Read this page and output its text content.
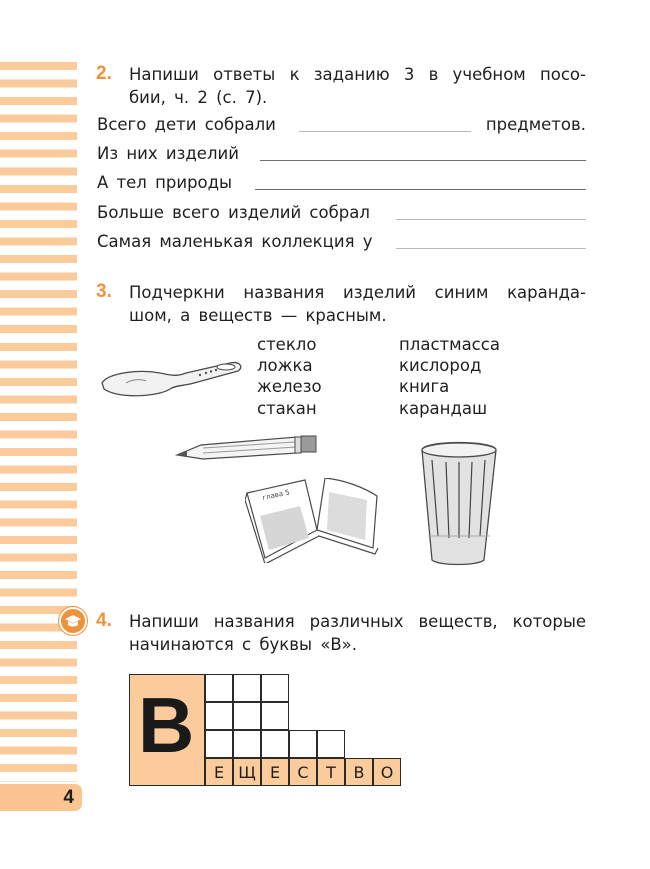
4
2. Напиши ответы к заданию 3 в учебном посо-
бии, ч. 2 (с. 7).
Всего дети собрали	предметов.
Из них изделий
А тел природы
Больше всего изделий собрал
Самая маленькая коллекция у
3. Подчеркни названия изделий синим каранда-
шом, а веществ — красным.
стекло
ложка
железо
стакан
пластмасса
кислород
книга
карандаш
глава 5
4. Напиши названия различных веществ, которые
начинаются с буквы «В».
В
Е Щ Е	С	Т	В	О
